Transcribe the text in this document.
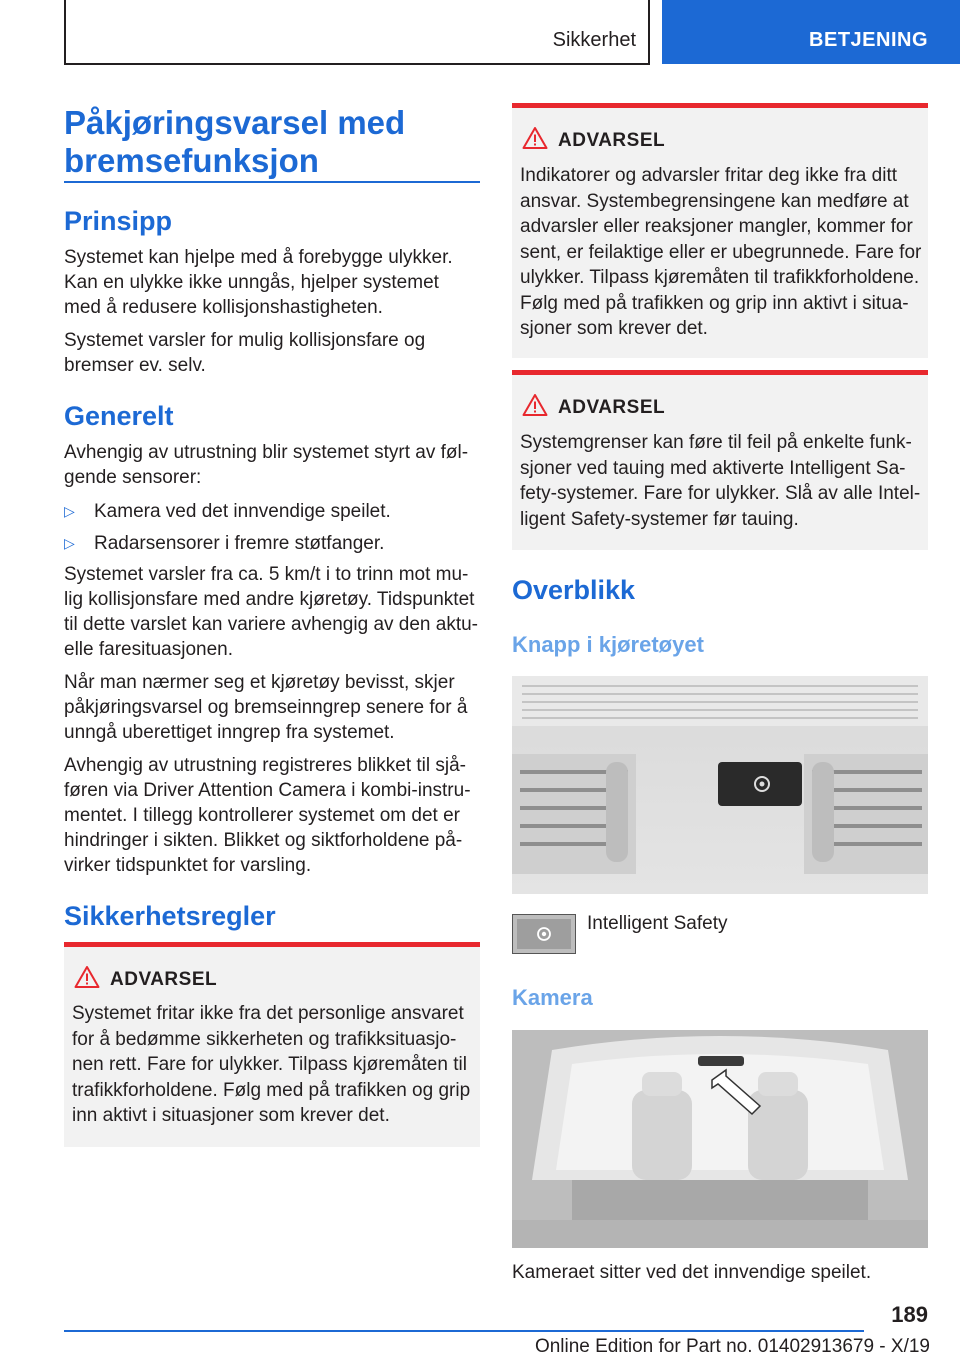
Sikkerhet	BETJENING
Påkjøringsvarsel med bremsefunksjon
Prinsipp
Systemet kan hjelpe med å forebygge ulykker.
Kan en ulykke ikke unngås, hjelper systemet
med å redusere kollisjonshastigheten.
Systemet varsler for mulig kollisjonsfare og
bremser ev. selv.
Generelt
Avhengig av utrustning blir systemet styrt av føl‐
gende sensorer:
▷ Kamera ved det innvendige speilet.
▷ Radarsensorer i fremre støtfanger.
Systemet varsler fra ca. 5 km/t i to trinn mot mu‐
lig kollisjonsfare med andre kjøretøy. Tidspunktet
til dette varslet kan variere avhengig av den aktu‐
elle faresituasjonen.
Når man nærmer seg et kjøretøy bevisst, skjer
påkjøringsvarsel og bremseinngrep senere for å
unngå uberettiget inngrep fra systemet.
Avhengig av utrustning registreres blikket til sjå‐
føren via Driver Attention Camera i kombi-instru‐
mentet. I tillegg kontrollerer systemet om det er
hindringer i sikten. Blikket og siktforholdene på‐
virker tidspunktet for varsling.
Sikkerhetsregler
ADVARSEL
Systemet fritar ikke fra det personlige ansvaret
for å bedømme sikkerheten og trafikksituasjo‐
nen rett. Fare for ulykker. Tilpass kjøremåten til
trafikkforholdene. Følg med på trafikken og grip
inn aktivt i situasjoner som krever det.
ADVARSEL
Indikatorer og advarsler fritar deg ikke fra ditt
ansvar. Systembegrensingene kan medføre at
advarsler eller reaksjoner mangler, kommer for
sent, er feilaktige eller er ubegrunnede. Fare for
ulykker. Tilpass kjøremåten til trafikkforholdene.
Følg med på trafikken og grip inn aktivt i situa‐
sjoner som krever det.
ADVARSEL
Systemgrenser kan føre til feil på enkelte funk‐
sjoner ved tauing med aktiverte Intelligent Sa‐
fety-systemer. Fare for ulykker. Slå av alle Intel‐
ligent Safety-systemer før tauing.
Overblikk
Knapp i kjøretøyet
Intelligent Safety
Kamera
Kameraet sitter ved det innvendige speilet.
189
Online Edition for Part no. 01402913679 - X/19
